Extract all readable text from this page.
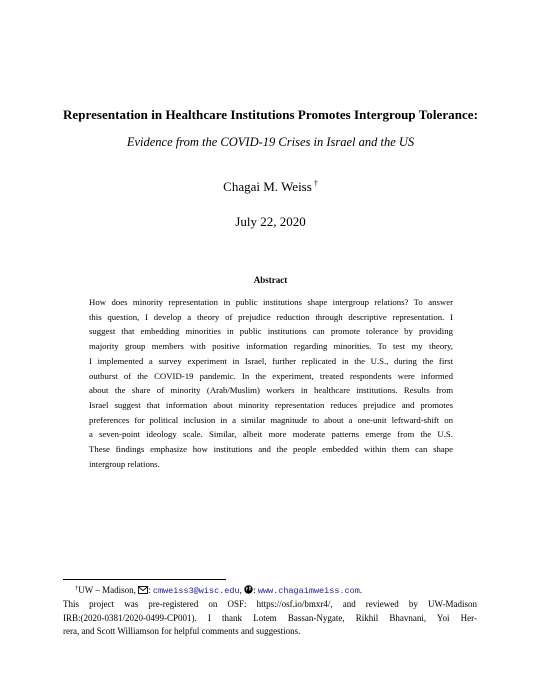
Representation in Healthcare Institutions Promotes Intergroup Tolerance:
Evidence from the COVID-19 Crises in Israel and the US
Chagai M. Weiss †
July 22, 2020
Abstract
How does minority representation in public institutions shape intergroup relations? To answer
this question, I develop a theory of prejudice reduction through descriptive representation. I
suggest that embedding minorities in public institutions can promote tolerance by providing
majority group members with positive information regarding minorities. To test my theory,
I implemented a survey experiment in Israel, further replicated in the U.S., during the first
outburst of the COVID-19 pandemic. In the experiment, treated respondents were informed
about the share of minority (Arab/Muslim) workers in healthcare institutions. Results from
Israel suggest that information about minority representation reduces prejudice and promotes
preferences for political inclusion in a similar magnitude to about a one-unit leftward-shift on
a seven-point ideology scale. Similar, albeit more moderate patterns emerge from the U.S.
These findings emphasize how institutions and the people embedded within them can shape
intergroup relations.
†UW – Madison, : cmweiss3@wisc.edu, : www.chagaimweiss.com.
This project was pre-registered on OSF: https://osf.io/bmxr4/, and reviewed by UW-Madison
IRB:(2020-0381/2020-0499-CP001). I thank Lotem Bassan-Nygate, Rikhil Bhavnani, Yoi Her-
rera, and Scott Williamson for helpful comments and suggestions.
